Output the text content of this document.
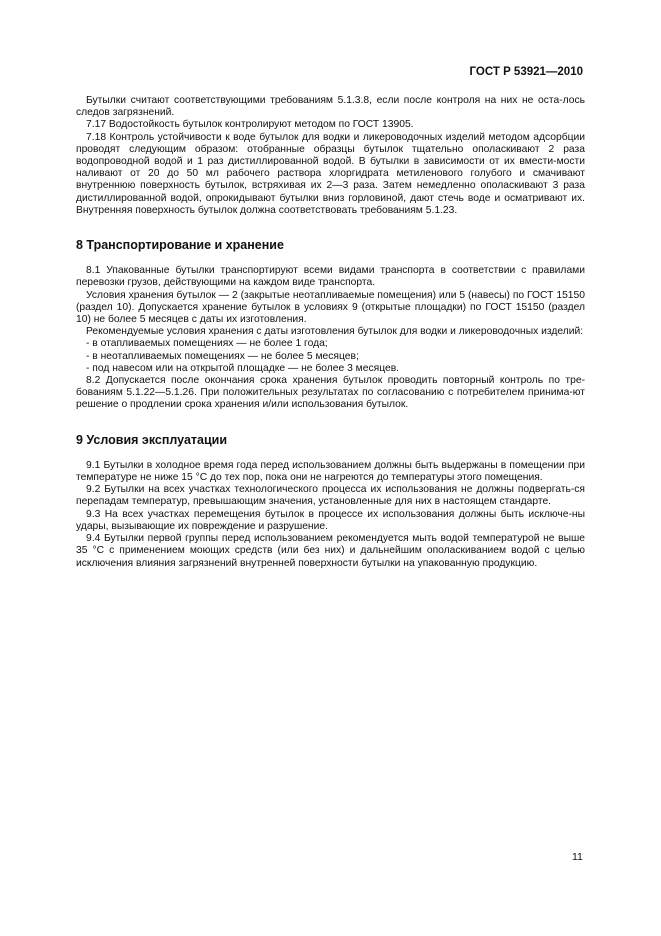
ГОСТ Р 53921—2010

Бутылки считают соответствующими требованиям 5.1.3.8, если после контроля на них не оста-лось следов загрязнений.

7.17 Водостойкость бутылок контролируют методом по ГОСТ 13905.

7.18 Контроль устойчивости к воде бутылок для водки и ликероводочных изделий методом адсорбции проводят следующим образом: отобранные образцы бутылок тщательно ополаскивают 2 раза водопроводной водой и 1 раз дистиллированной водой. В бутылки в зависимости от их вмести-мости наливают от 20 до 50 мл рабочего раствора хлоргидрата метиленового голубого и смачивают внутреннюю поверхность бутылок, встряхивая их 2—3 раза. Затем немедленно ополаскивают 3 раза дистиллированной водой, опрокидывают бутылки вниз горловиной, дают стечь воде и осматривают их. Внутренняя поверхность бутылок должна соответствовать требованиям 5.1.23.

8 Транспортирование и хранение

8.1 Упакованные бутылки транспортируют всеми видами транспорта в соответствии с правилами перевозки грузов, действующими на каждом виде транспорта.

Условия хранения бутылок — 2 (закрытые неотапливаемые помещения) или 5 (навесы) по ГОСТ 15150 (раздел 10). Допускается хранение бутылок в условиях 9 (открытые площадки) по ГОСТ 15150 (раздел 10) не более 5 месяцев с даты их изготовления.

Рекомендуемые условия хранения с даты изготовления бутылок для водки и ликероводочных изделий:

- в отапливаемых помещениях — не более 1 года;
- в неотапливаемых помещениях — не более 5 месяцев;
- под навесом или на открытой площадке — не более 3 месяцев.

8.2 Допускается после окончания срока хранения бутылок проводить повторный контроль по тре-бованиям 5.1.22—5.1.26. При положительных результатах по согласованию с потребителем принима-ют решение о продлении срока хранения и/или использования бутылок.

9 Условия эксплуатации

9.1 Бутылки в холодное время года перед использованием должны быть выдержаны в помещении при температуре не ниже 15 °С до тех пор, пока они не нагреются до температуры этого помещения.

9.2 Бутылки на всех участках технологического процесса их использования не должны подвергать-ся перепадам температур, превышающим значения, установленные для них в настоящем стандарте.

9.3 На всех участках перемещения бутылок в процессе их использования должны быть исключе-ны удары, вызывающие их повреждение и разрушение.

9.4 Бутылки первой группы перед использованием рекомендуется мыть водой температурой не выше 35 °С с применением моющих средств (или без них) и дальнейшим ополаскиванием водой с целью исключения влияния загрязнений внутренней поверхности бутылки на упакованную продукцию.

11
